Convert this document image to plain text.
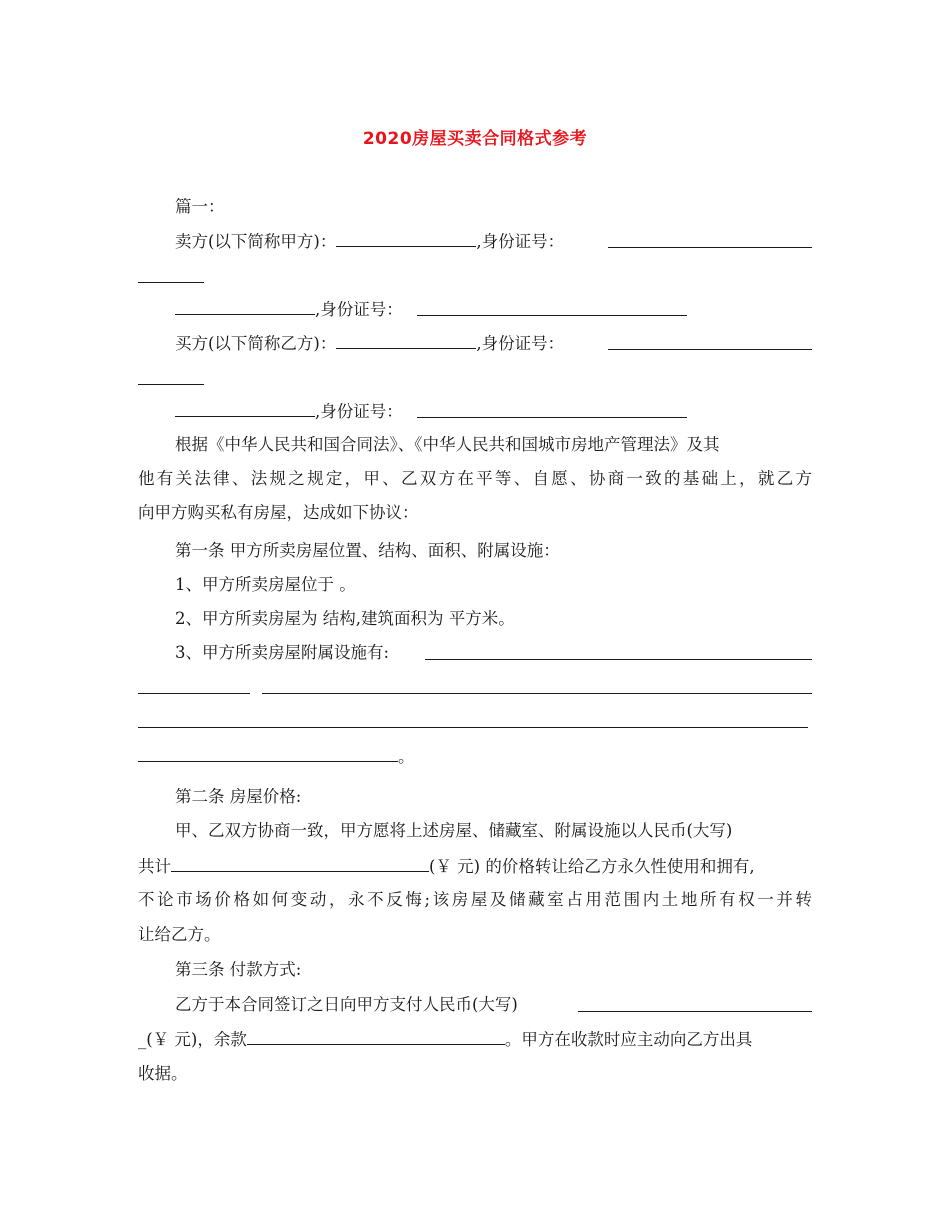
2020房屋买卖合同格式参考
篇一：
卖方(以下简称甲方)：	,身份证号：
,身份证号：
买方(以下简称乙方)：	,身份证号：
,身份证号：
根据《中华人民共和国合同法》、《中华人民共和国城市房地产管理法》及其
他有关法律、法规之规定，甲、乙双方在平等、自愿、协商一致的基础上，就乙方
向甲方购买私有房屋，达成如下协议：
第一条 甲方所卖房屋位置、结构、面积、附属设施：
1、甲方所卖房屋位于 。
2、甲方所卖房屋为 结构,建筑面积为 平方米。
3、甲方所卖房屋附属设施有:
。
第二条 房屋价格:
甲、乙双方协商一致，甲方愿将上述房屋、储藏室、附属设施以人民币(大写)
共计	(￥ 元) 的价格转让给乙方永久性使用和拥有,
不论市场价格如何变动，永不反悔;该房屋及储藏室占用范围内土地所有权一并转
让给乙方。
第三条 付款方式:
乙方于本合同签订之日向甲方支付人民币(大写)
_(￥ 元)，余款	。甲方在收款时应主动向乙方出具
收据。
